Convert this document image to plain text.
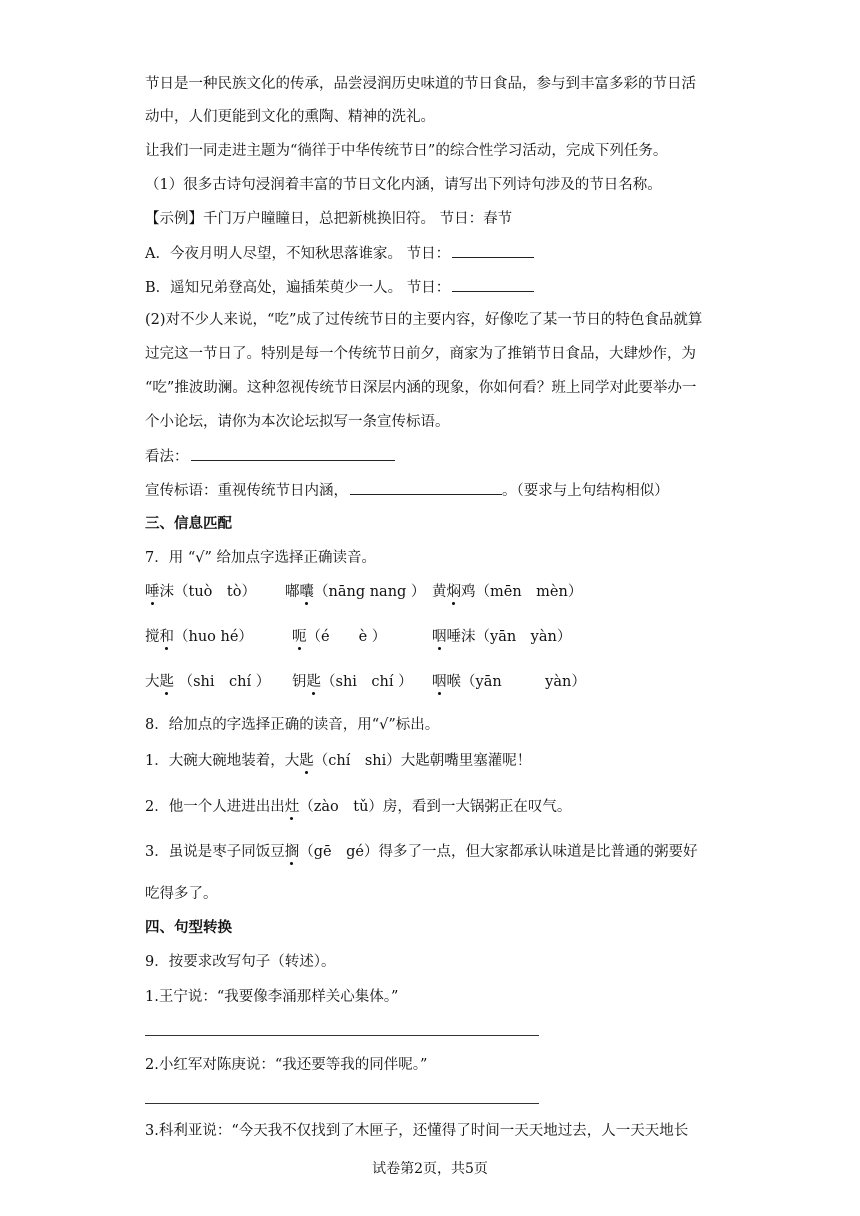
节日是一种民族文化的传承，品尝浸润历史味道的节日食品，参与到丰富多彩的节日活
动中，人们更能到文化的熏陶、精神的洗礼。
让我们一同走进主题为“徜徉于中华传统节日”的综合性学习活动，完成下列任务。
（1）很多古诗句浸润着丰富的节日文化内涵，请写出下列诗句涉及的节日名称。
【示例】千门万户瞳瞳日，总把新桃换旧符。 节日：春节
A．今夜月明人尽望，不知秋思落谁家。 节日：
B．遥知兄弟登高处，遍插茱萸少一人。 节日：
(2)对不少人来说，“吃”成了过传统节日的主要内容，好像吃了某一节日的特色食品就算
过完这一节日了。特别是每一个传统节日前夕，商家为了推销节日食品，大肆炒作，为
“吃”推波助澜。这种忽视传统节日深层内涵的现象，你如何看？班上同学对此要举办一
个小论坛，请你为本次论坛拟写一条宣传标语。
看法：
宣传标语：重视传统节日内涵，	。（要求与上句结构相似）
三、信息匹配
7．用 “√” 给加点字选择正确读音。
唾沫（tuò　tò） 嘟囔（nāng nang ） 黄焖鸡（mēn　mèn）
搅和（huo hé）	呃（é　　è ）	咽唾沫（yān　yàn）
大匙 （shi　chí ） 钥匙（shi　chí ） 咽喉（yān　　　yàn）
8．给加点的字选择正确的读音，用“√”标出。
1．大碗大碗地装着，大匙（chí　shi）大匙朝嘴里塞灌呢！
2．他一个人进进出出灶（zào　tǔ）房，看到一大锅粥正在叹气。
3．虽说是枣子同饭豆搁（gē　gé）得多了一点，但大家都承认味道是比普通的粥要好
吃得多了。
四、句型转换
9．按要求改写句子（转述）。
1.王宁说：“我要像李涌那样关心集体。”
2.小红军对陈庚说：“我还要等我的同伴呢。”
3.科利亚说：“今天我不仅找到了木匣子，还懂得了时间一天天地过去，人一天天地长
试卷第2页，共5页
